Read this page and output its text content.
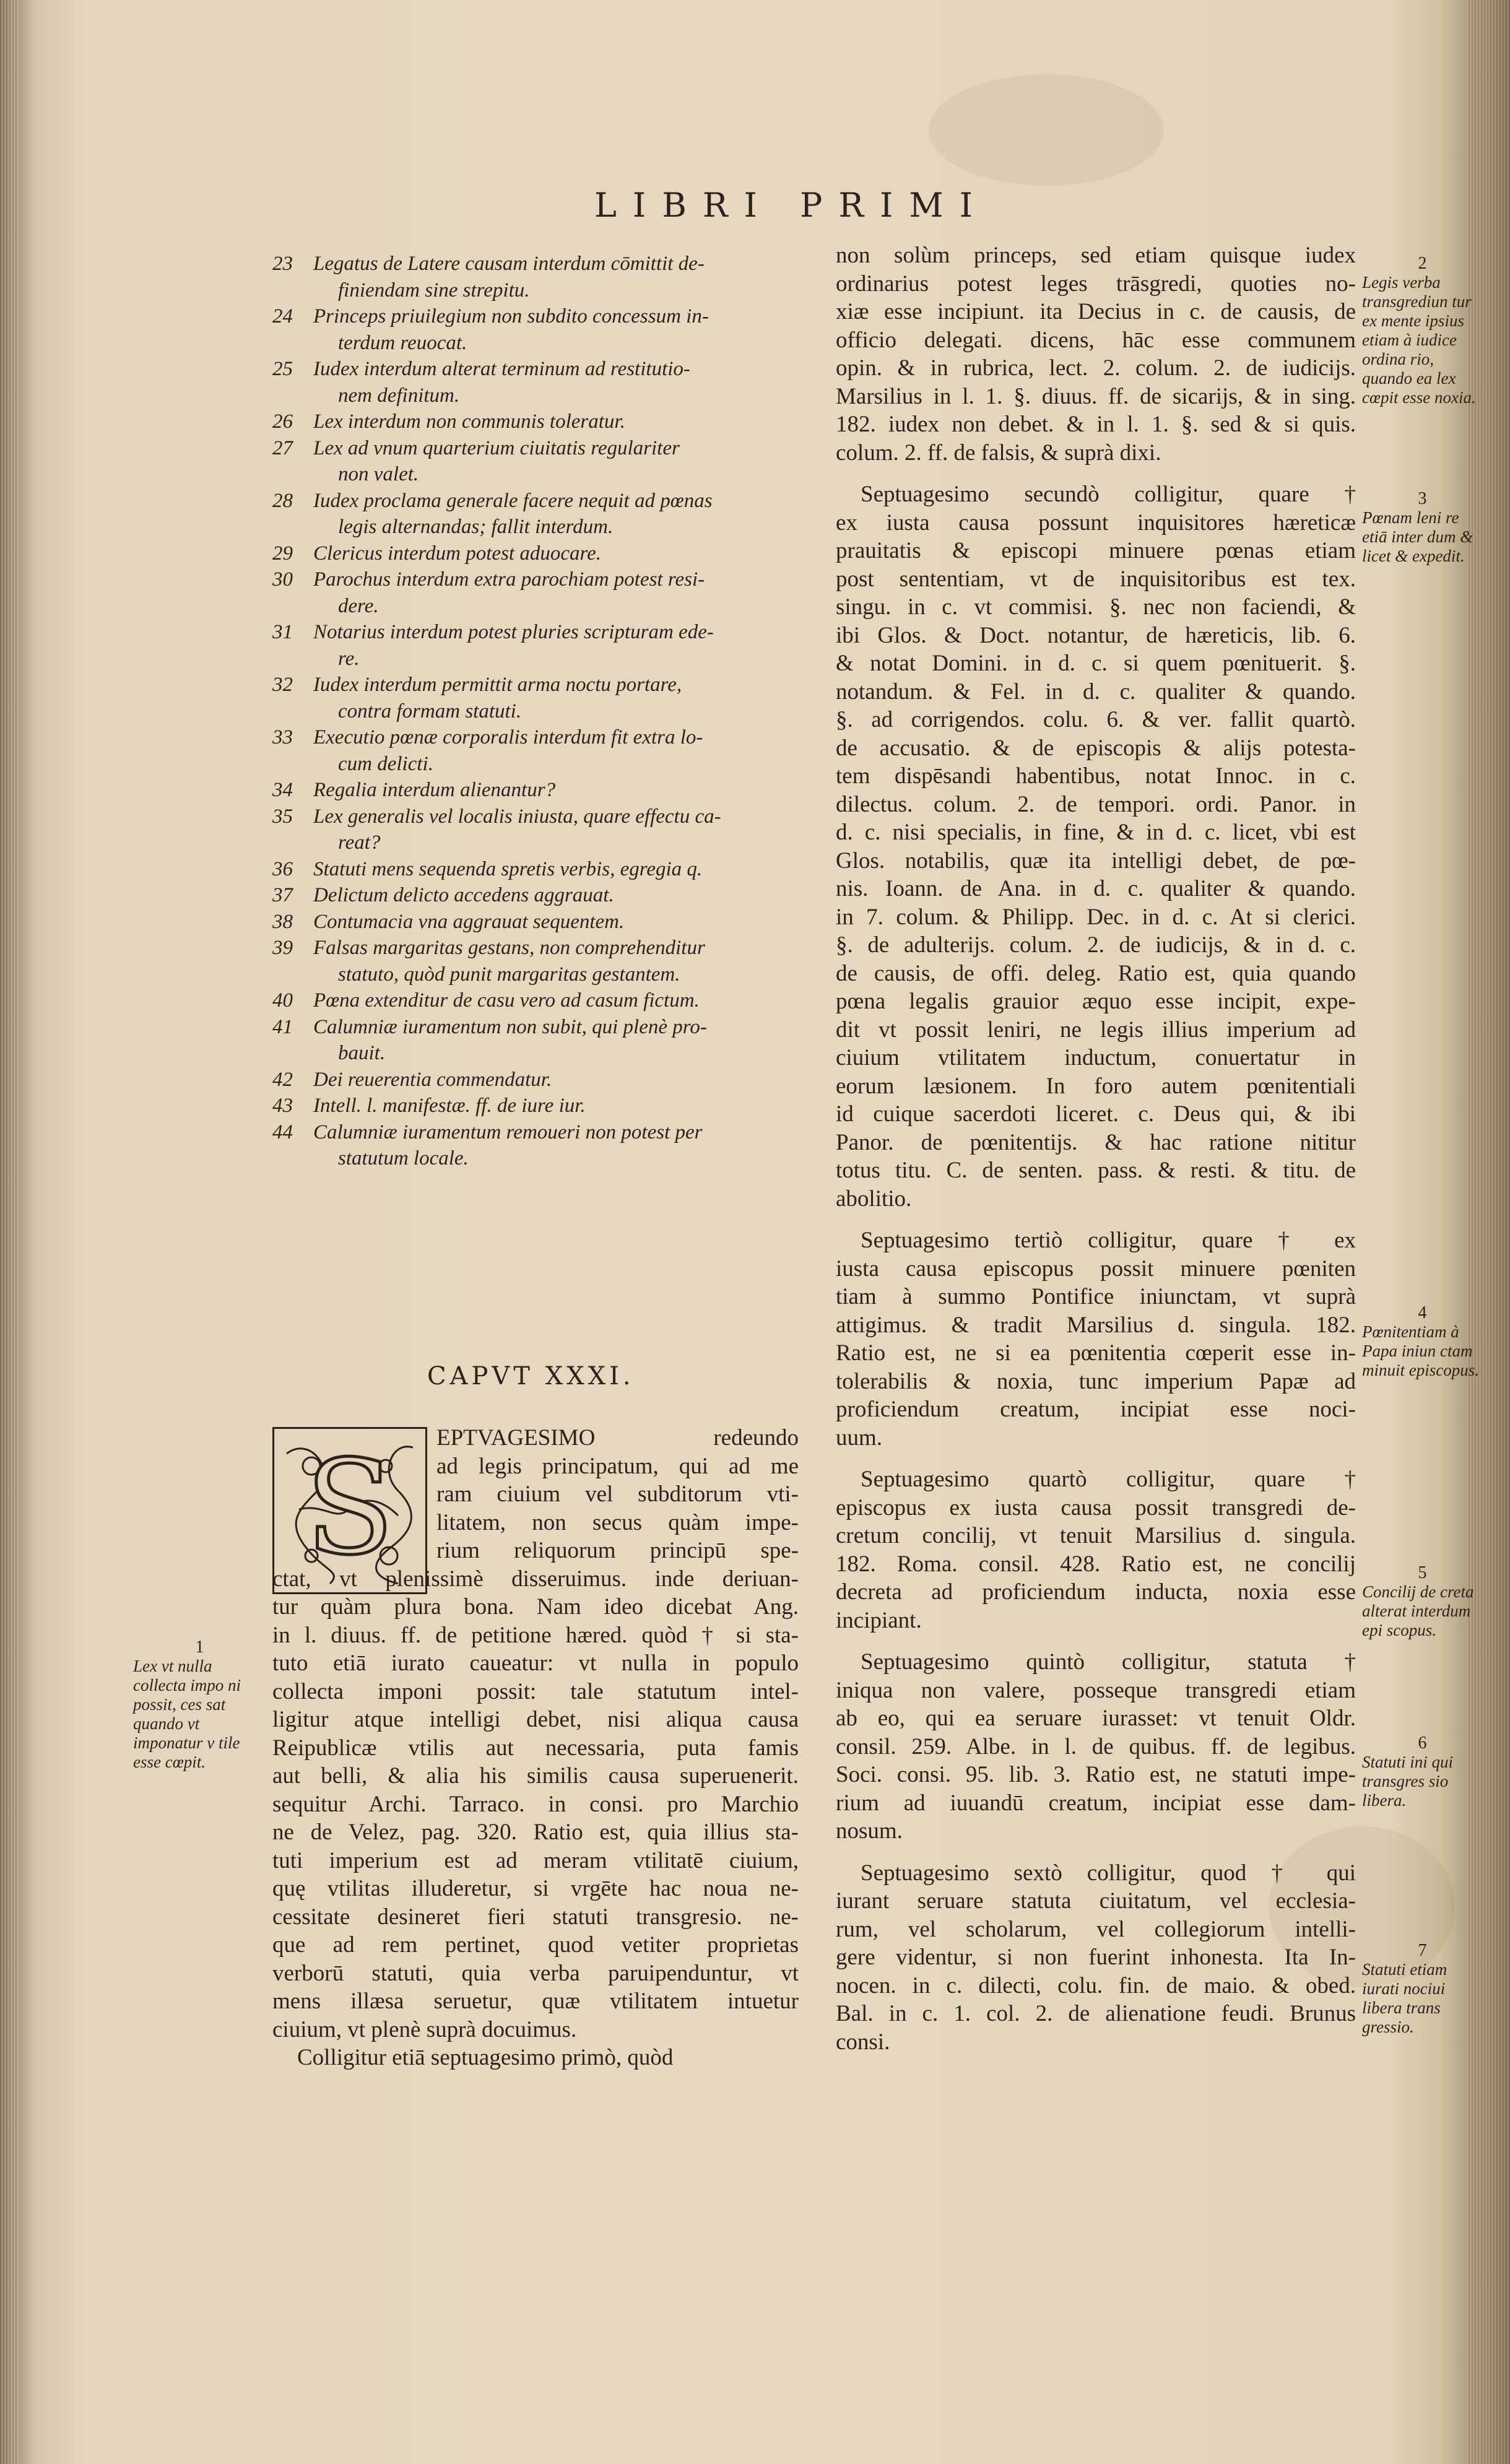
LIBRI PRIMI
23 Legatus de Latere causam interdum cōmittit de-
finiendam sine strepitu.
24 Princeps priuilegium non subdito concessum in-
terdum reuocat.
25 Iudex interdum alterat terminum ad restitutio-
nem definitum.
26 Lex interdum non communis toleratur.
27 Lex ad vnum quarterium ciuitatis regulariter
non valet.
28 Iudex proclama generale facere nequit ad pœnas
legis alternandas; fallit interdum.
29 Clericus interdum potest aduocare.
30 Parochus interdum extra parochiam potest resi-
dere.
31 Notarius interdum potest pluries scripturam ede-
re.
32 Iudex interdum permittit arma noctu portare,
contra formam statuti.
33 Executio pœnæ corporalis interdum fit extra lo-
cum delicti.
34 Regalia interdum alienantur?
35 Lex generalis vel localis iniusta, quare effectu ca-
reat?
36 Statuti mens sequenda spretis verbis, egregia q.
37 Delictum delicto accedens aggrauat.
38 Contumacia vna aggrauat sequentem.
39 Falsas margaritas gestans, non comprehenditur
statuto, quòd punit margaritas gestantem.
40 Pœna extenditur de casu vero ad casum fictum.
41 Calumniæ iuramentum non subit, qui plenè pro-
bauit.
42 Dei reuerentia commendatur.
43 Intell. l. manifestæ. ff. de iure iur.
44 Calumniæ iuramentum remoueri non potest per
statutum locale.
CAPVT XXXI.
S	EPTVAGESIMO redeundo
ad legis principatum, qui ad me
ram ciuium vel subditorum vti-
litatem, non secus quàm impe-
rium reliquorum principū spe-
ctat, vt plenissimè disseruimus. inde deriuan-
tur quàm plura bona. Nam ideo dicebat Ang.
in l. diuus. ff. de petitione hæred. quòd † si sta-
tuto etiā iurato caueatur: vt nulla in populo
collecta imponi possit: tale statutum intel-
ligitur atque intelligi debet, nisi aliqua causa
Reipublicæ vtilis aut necessaria, puta famis
aut belli, & alia his similis causa superuenerit.
sequitur Archi. Tarraco. in consi. pro Marchio
ne de Velez, pag. 320. Ratio est, quia illius sta-
tuti imperium est ad meram vtilitatē ciuium,
quę vtilitas illuderetur, si vrgēte hac noua ne-
cessitate desineret fieri statuti transgresio. ne-
que ad rem pertinet, quod vetiter proprietas
verborū statuti, quia verba paruipenduntur, vt
mens illæsa seruetur, quæ vtilitatem intuetur
ciuium, vt plenè suprà docuimus.
Colligitur etiā septuagesimo primò, quòd

non solùm princeps, sed etiam quisque iudex
ordinarius potest leges trāsgredi, quoties no-
xiæ esse incipiunt. ita Decius in c. de causis, de
officio delegati. dicens, hāc esse communem
opin. & in rubrica, lect. 2. colum. 2. de iudicijs.
Marsilius in l. 1. §. diuus. ff. de sicarijs, & in sing.
182. iudex non debet. & in l. 1. §. sed & si quis.
colum. 2. ff. de falsis, & suprà dixi.

Septuagesimo secundò colligitur, quare †
ex iusta causa possunt inquisitores hæreticæ
prauitatis & episcopi minuere pœnas etiam
post sententiam, vt de inquisitoribus est tex.
singu. in c. vt commisi. §. nec non faciendi, &
ibi Glos. & Doct. notantur, de hæreticis, lib. 6.
& notat Domini. in d. c. si quem pœnituerit. §.
notandum. & Fel. in d. c. qualiter & quando.
§. ad corrigendos. colu. 6. & ver. fallit quartò.
de accusatio. & de episcopis & alijs potesta-
tem dispēsandi habentibus, notat Innoc. in c.
dilectus. colum. 2. de tempori. ordi. Panor. in
d. c. nisi specialis, in fine, & in d. c. licet, vbi est
Glos. notabilis, quæ ita intelligi debet, de pœ-
nis. Ioann. de Ana. in d. c. qualiter & quando.
in 7. colum. & Philipp. Dec. in d. c. At si clerici.
§. de adulterijs. colum. 2. de iudicijs, & in d. c.
de causis, de offi. deleg. Ratio est, quia quando
pœna legalis grauior æquo esse incipit, expe-
dit vt possit leniri, ne legis illius imperium ad
ciuium vtilitatem inductum, conuertatur in
eorum læsionem. In foro autem pœnitentiali
id cuique sacerdoti liceret. c. Deus qui, & ibi
Panor. de pœnitentijs. & hac ratione nititur
totus titu. C. de senten. pass. & resti. & titu. de
abolitio.

Septuagesimo tertiò colligitur, quare † ex
iusta causa episcopus possit minuere pœniten
tiam à summo Pontifice iniunctam, vt suprà
attigimus. & tradit Marsilius d. singula. 182.
Ratio est, ne si ea pœnitentia cœperit esse in-
tolerabilis & noxia, tunc imperium Papæ ad
proficiendum creatum, incipiat esse noci-
uum.

Septuagesimo quartò colligitur, quare †
episcopus ex iusta causa possit transgredi de-
cretum concilij, vt tenuit Marsilius d. singula.
182. Roma. consil. 428. Ratio est, ne concilij
decreta ad proficiendum inducta, noxia esse
incipiant.

Septuagesimo quintò colligitur, statuta †
iniqua non valere, posseque transgredi etiam
ab eo, qui ea seruare iurasset: vt tenuit Oldr.
consil. 259. Albe. in l. de quibus. ff. de legibus.
Soci. consi. 95. lib. 3. Ratio est, ne statuti impe-
rium ad iuuandū creatum, incipiat esse dam-
nosum.

Septuagesimo sextò colligitur, quod † qui
iurant seruare statuta ciuitatum, vel ecclesia-
rum, vel scholarum, vel collegiorum intelli-
gere videntur, si non fuerint inhonesta. Ita In-
nocen. in c. dilecti, colu. fin. de maio. & obed.
Bal. in c. 1. col. 2. de alienatione feudi. Brunus
consi.

1
Lex vt nulla collecta impo ni possit, ces sat quando vt imponatur v tile esse cœpit.
2
Legis verba transgrediun tur ex mente ipsius etiam à iudice ordina rio, quando ea lex cœpit esse noxia.
3
Pœnam leni re etiā inter dum & licet & expedit.
4
Pœnitentiam à Papa iniun ctam minuit episcopus.
5
Concilij de creta alterat interdum epi scopus.
6
Statuti ini qui transgres sio libera.
7
Statuti etiam iurati nociui libera trans gressio.
